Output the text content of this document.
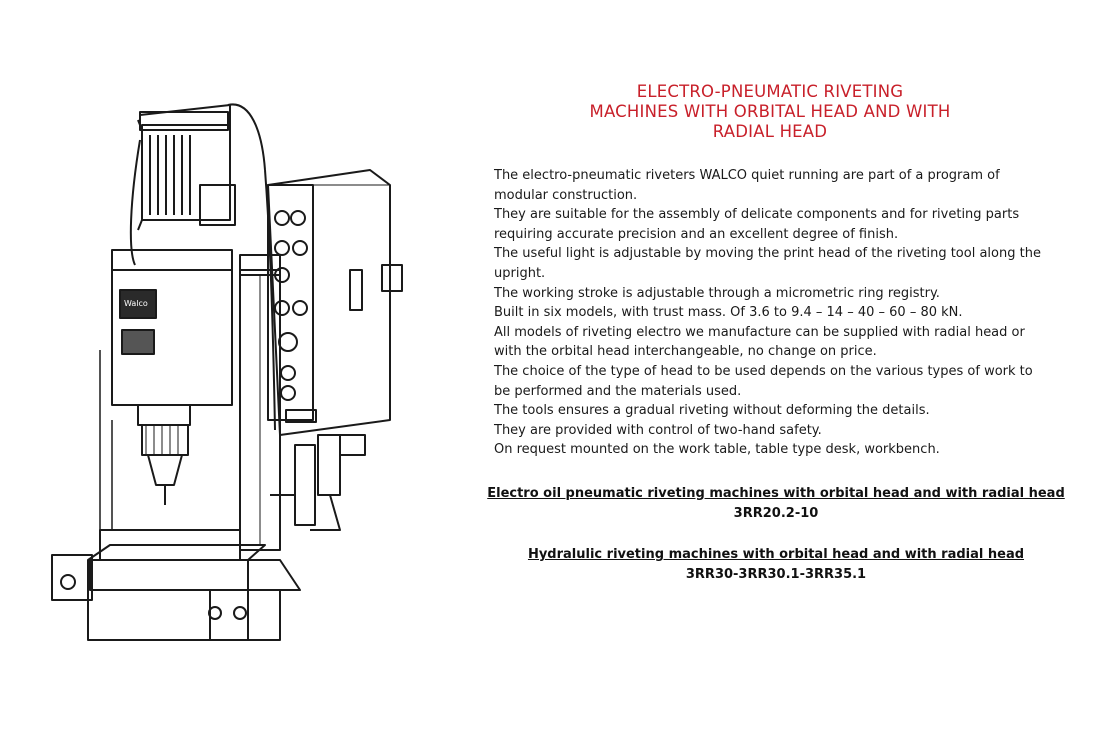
Walco
ELECTRO-PNEUMATIC RIVETING
MACHINES WITH ORBITAL HEAD AND WITH
RADIAL HEAD
The electro-pneumatic riveters WALCO quiet running are part of a program of
modular construction.
They are suitable for the assembly of delicate components and for riveting parts
requiring accurate precision and an excellent degree of finish.
The useful light is adjustable by moving the print head of the riveting tool along the
upright.
The working stroke is adjustable through a micrometric ring registry.
Built in six models, with trust mass. Of 3.6 to 9.4 – 14 – 40 – 60 – 80 kN.
All models of riveting electro we manufacture can be supplied with radial head or
with the orbital head interchangeable, no change on price.
The choice of the type of head to be used depends on the various types of work to
be performed and the materials used.
The tools ensures a gradual riveting without deforming the details.
They are provided with control of two-hand safety.
On request mounted on the work table, table type desk, workbench.
Electro oil pneumatic riveting machines with orbital head and with radial head
3RR20.2-10
Hydralulic riveting machines with orbital head and with radial head
3RR30-3RR30.1-3RR35.1
